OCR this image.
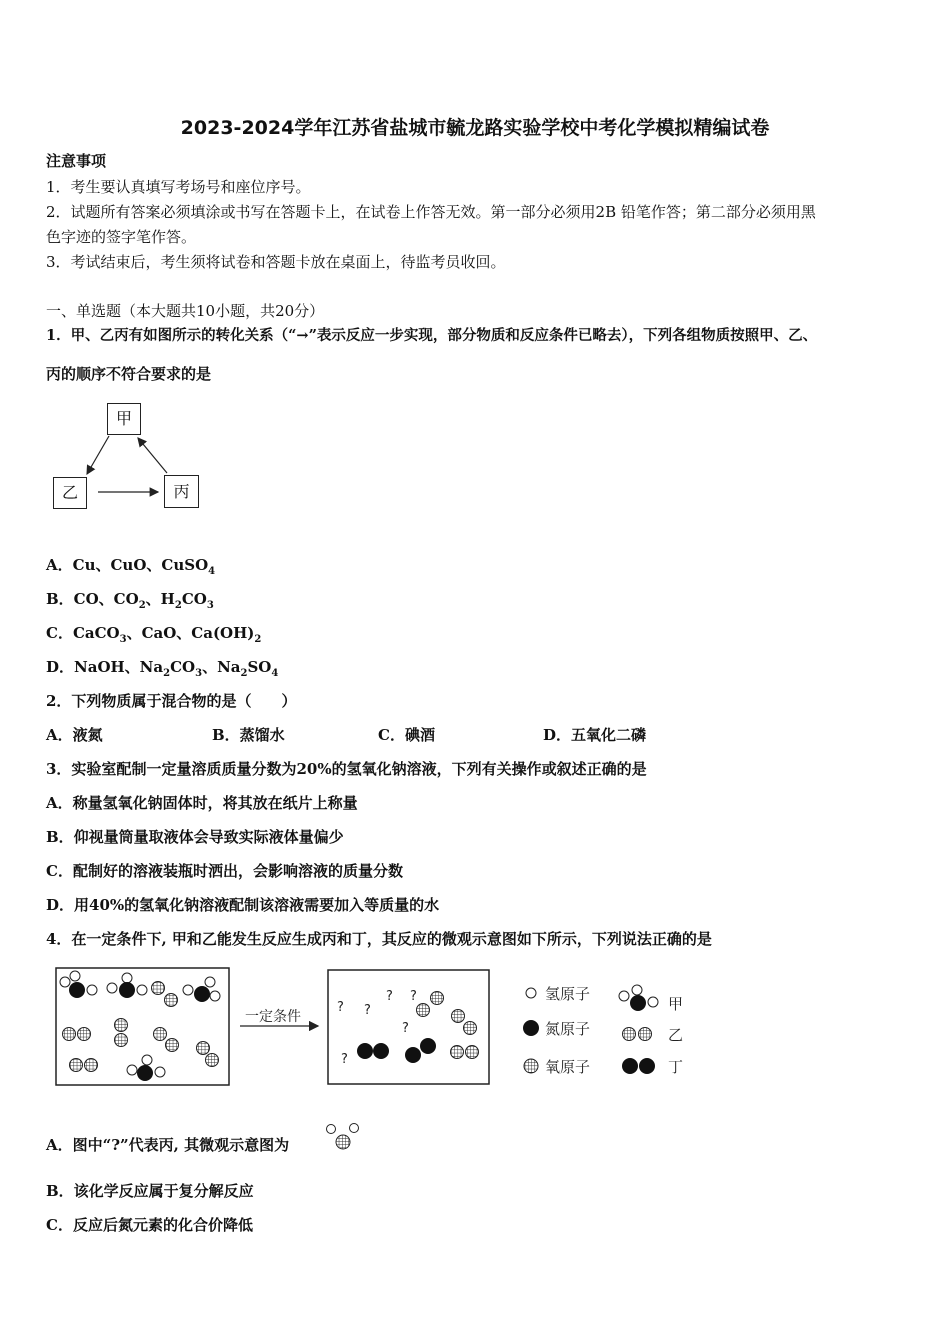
2023-2024学年江苏省盐城市毓龙路实验学校中考化学模拟精编试卷
注意事项
1．考生要认真填写考场号和座位序号。
2．试题所有答案必须填涂或书写在答题卡上，在试卷上作答无效。第一部分必须用2B 铅笔作答；第二部分必须用黑
色字迹的签字笔作答。
3．考试结束后，考生须将试卷和答题卡放在桌面上，待监考员收回。
一、单选题（本大题共10小题，共20分）
1．甲、乙丙有如图所示的转化关系（“→”表示反应一步实现，部分物质和反应条件已略去），下列各组物质按照甲、乙、
丙的顺序不符合要求的是
甲
乙	丙
A．Cu、CuO、CuSO$_4$
B．CO、$CO_2$、$H_2CO_3$
C．CaCO$_3$、CaO、$Ca(OH)_2$
D．NaOH、$Na_2CO_3$、$Na_2SO_4$
2．下列物质属于混合物的是（　　）
A．液氮	B．蒸馏水	C．碘酒	D．五氧化二磷
3．实验室配制一定量溶质质量分数为20%的氢氧化钠溶液，下列有关操作或叙述正确的是
A．称量氢氧化钠固体时，将其放在纸片上称量
B．仰视量筒量取液体会导致实际液体量偏少
C．配制好的溶液装瓶时洒出，会影响溶液的质量分数
D．用40%的氢氧化钠溶液配制该溶液需要加入等质量的水
4．在一定条件下, 甲和乙能发生反应生成丙和丁，其反应的微观示意图如下所示，下列说法正确的是
一定条件
? ?
? ?
?
?
氢原子
氮原子
氧原子
甲
乙
丁
A．图中“?”代表丙, 其微观示意图为
B．该化学反应属于复分解反应
C．反应后氮元素的化合价降低
